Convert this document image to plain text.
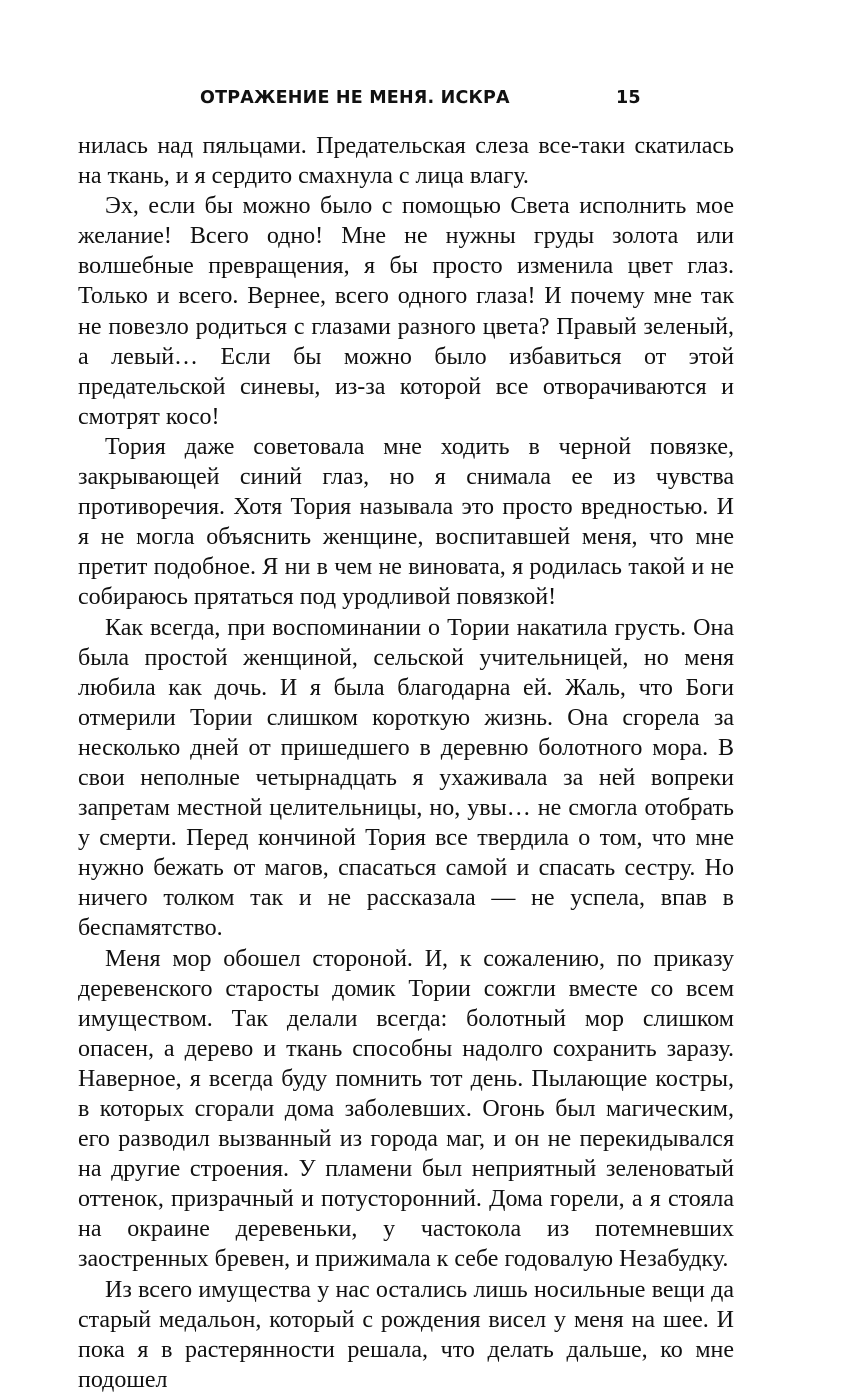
ОТРАЖЕНИЕ НЕ МЕНЯ. ИСКРА	15

нилась над пяльцами. Предательская слеза все-таки скатилась на ткань, и я сердито смахнула с лица влагу.

Эх, если бы можно было с помощью Света исполнить мое желание! Всего одно! Мне не нужны груды золота или волшебные превращения, я бы просто изменила цвет глаз. Только и всего. Вернее, всего одного глаза! И почему мне так не повезло родиться с глазами разного цвета? Правый зеленый, а левый… Если бы можно было избавиться от этой предательской синевы, из-за которой все отворачиваются и смотрят косо!

Тория даже советовала мне ходить в черной повязке, закрывающей синий глаз, но я снимала ее из чувства противоречия. Хотя Тория называла это просто вредностью. И я не могла объяснить женщине, воспитавшей меня, что мне претит подобное. Я ни в чем не виновата, я родилась такой и не собираюсь прятаться под уродливой повязкой!

Как всегда, при воспоминании о Тории накатила грусть. Она была простой женщиной, сельской учительницей, но меня любила как дочь. И я была благодарна ей. Жаль, что Боги отмерили Тории слишком короткую жизнь. Она сгорела за несколько дней от пришедшего в деревню болотного мора. В свои неполные четырнадцать я ухаживала за ней вопреки запретам местной целительницы, но, увы… не смогла отобрать у смерти. Перед кончиной Тория все твердила о том, что мне нужно бежать от магов, спасаться самой и спасать сестру. Но ничего толком так и не рассказала — не успела, впав в беспамятство.

Меня мор обошел стороной. И, к сожалению, по приказу деревенского старосты домик Тории сожгли вместе со всем имуществом. Так делали всегда: болотный мор слишком опасен, а дерево и ткань способны надолго сохранить заразу. Наверное, я всегда буду помнить тот день. Пылающие костры, в которых сгорали дома заболевших. Огонь был магическим, его разводил вызванный из города маг, и он не перекидывался на другие строения. У пламени был неприятный зеленоватый оттенок, призрачный и потусторонний. Дома горели, а я стояла на окраине деревеньки, у частокола из потемневших заостренных бревен, и прижимала к себе годовалую Незабудку.

Из всего имущества у нас остались лишь носильные вещи да старый медальон, который с рождения висел у меня на шее. И пока я в растерянности решала, что делать дальше, ко мне подошел
